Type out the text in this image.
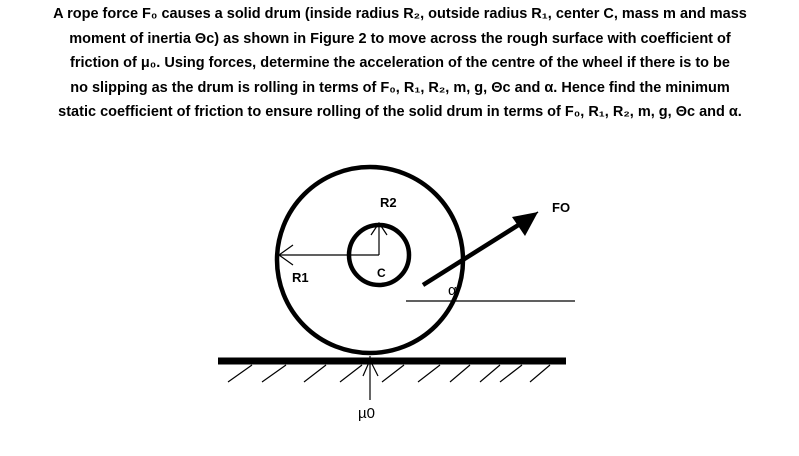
A rope force F₀ causes a solid drum (inside radius R₂, outside radius R₁, center C, mass m and mass
moment of inertia Θc) as shown in Figure 2 to move across the rough surface with coefficient of
friction of μ₀. Using forces, determine the acceleration of the centre of the wheel if there is to be
no slipping as the drum is rolling in terms of F₀, R₁, R₂, m, g, Θc and α. Hence find the minimum
static coefficient of friction to ensure rolling of the solid drum in terms of F₀, R₁, R₂, m, g, Θc and α.
R2	FO
R1	C
α
µ0
